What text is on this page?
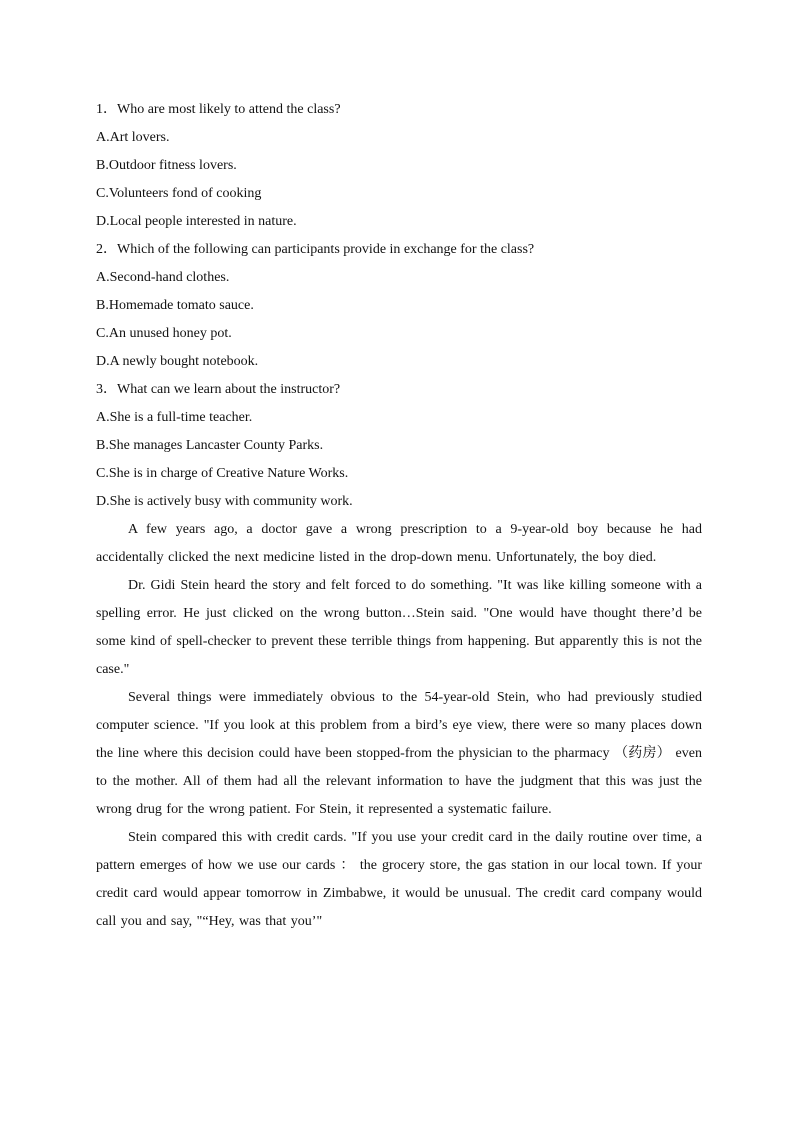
1．Who are most likely to attend the class?
A.Art lovers.
B.Outdoor fitness lovers.
C.Volunteers fond of cooking
D.Local people interested in nature.
2．Which of the following can participants provide in exchange for the class?
A.Second-hand clothes.
B.Homemade tomato sauce.
C.An unused honey pot.
D.A newly bought notebook.
3．What can we learn about the instructor?
A.She is a full-time teacher.
B.She manages Lancaster County Parks.
C.She is in charge of Creative Nature Works.
D.She is actively busy with community work.

A few years ago, a doctor gave a wrong prescription to a 9-year-old boy because he had accidentally clicked the next medicine listed in the drop-down menu. Unfortunately, the boy died.

Dr. Gidi Stein heard the story and felt forced to do something. "It was like killing someone with a spelling error. He just clicked on the wrong button…Stein said. "One would have thought there’d be some kind of spell-checker to prevent these terrible things from happening. But apparently this is not the case."

Several things were immediately obvious to the 54-year-old Stein, who had previously studied computer science. "If you look at this problem from a bird’s eye view, there were so many places down the line where this decision could have been stopped-from the physician to the pharmacy （药房） even to the mother. All of them had all the relevant information to have the judgment that this was just the wrong drug for the wrong patient. For Stein, it represented a systematic failure.

Stein compared this with credit cards. "If you use your credit card in the daily routine over time, a pattern emerges of how we use our cards ： the grocery store, the gas station in our local town. If your credit card would appear tomorrow in Zimbabwe, it would be unusual. The credit card company would call you and say, "“Hey, was that you’"
